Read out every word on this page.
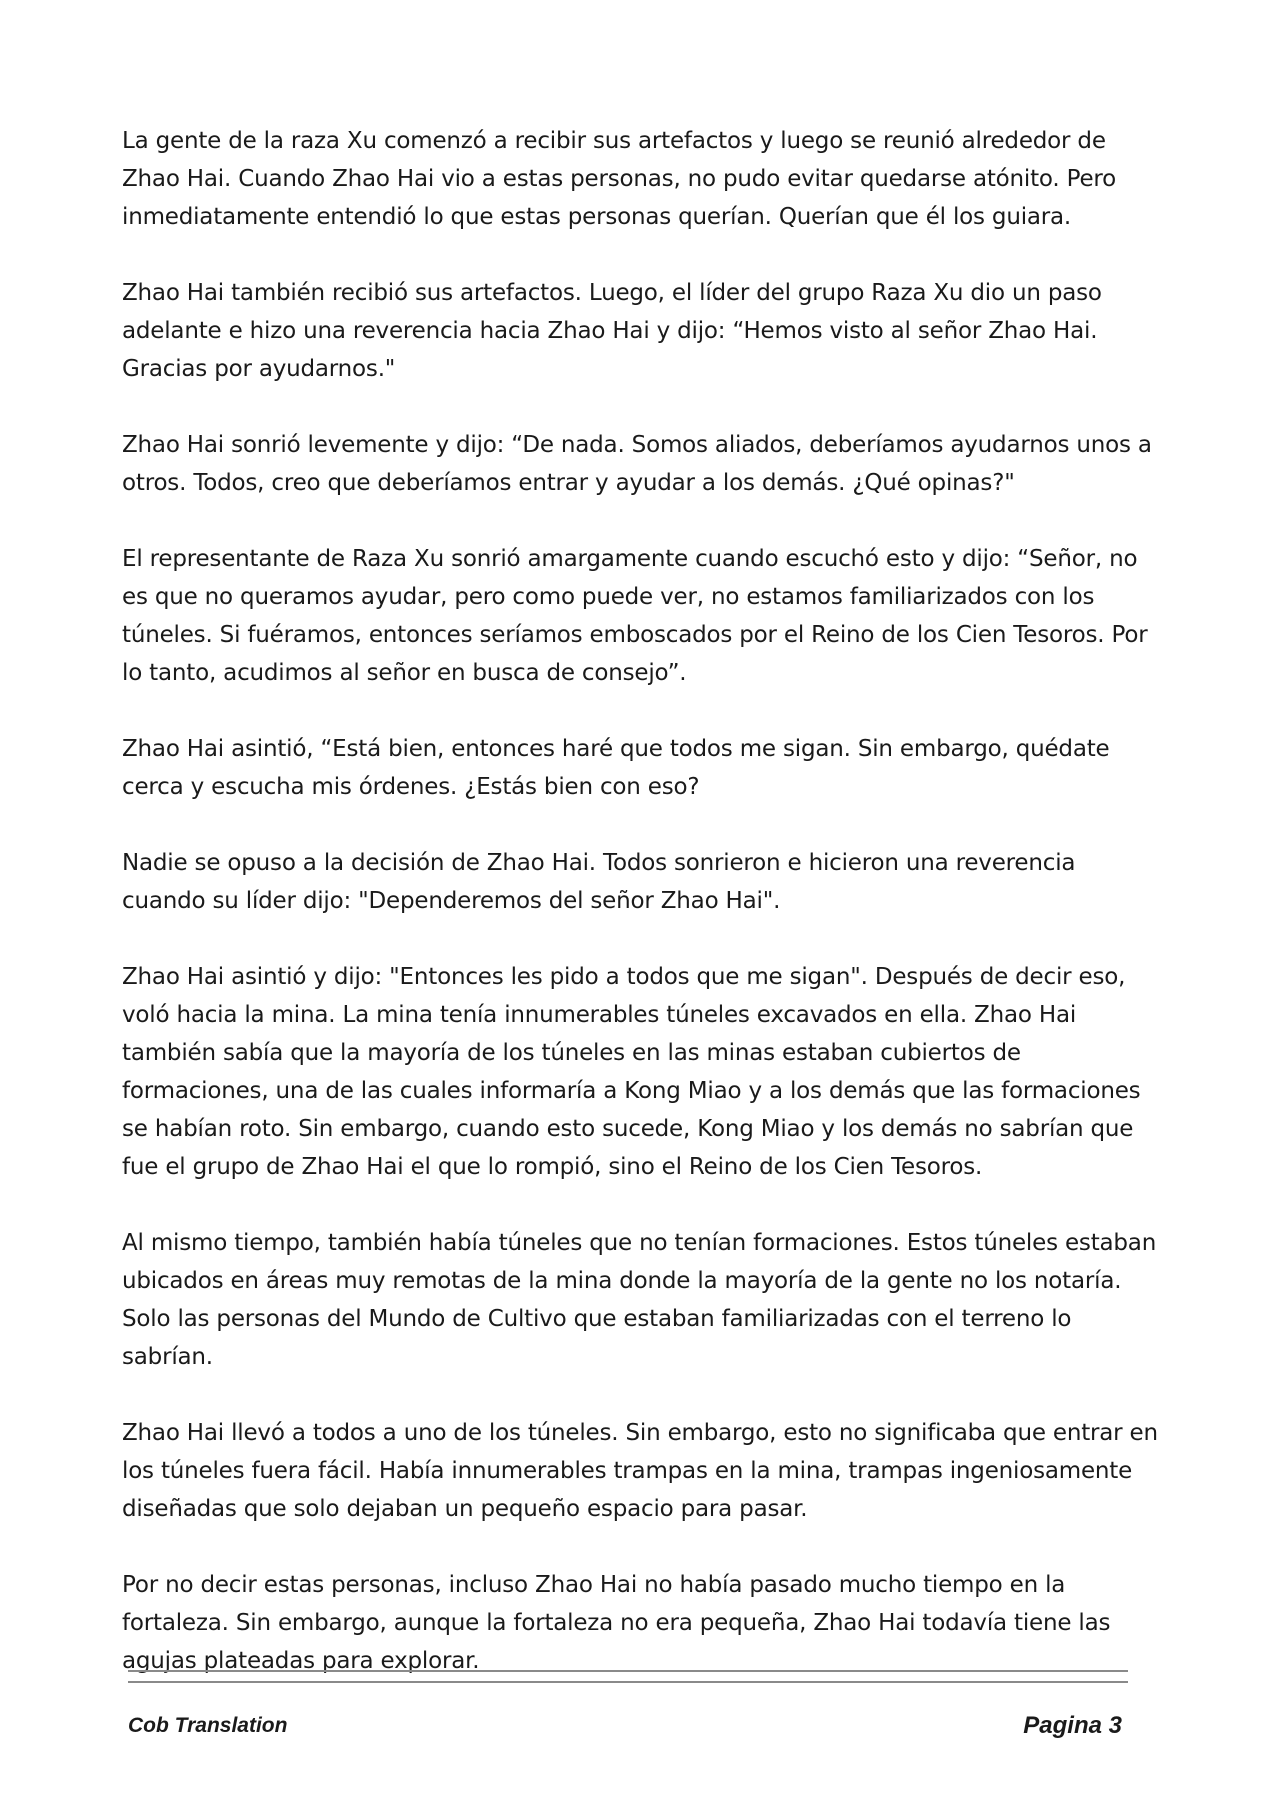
La gente de la raza Xu comenzó a recibir sus artefactos y luego se reunió alrededor de Zhao Hai. Cuando Zhao Hai vio a estas personas, no pudo evitar quedarse atónito. Pero inmediatamente entendió lo que estas personas querían. Querían que él los guiara.

Zhao Hai también recibió sus artefactos. Luego, el líder del grupo Raza Xu dio un paso adelante e hizo una reverencia hacia Zhao Hai y dijo: “Hemos visto al señor Zhao Hai. Gracias por ayudarnos."

Zhao Hai sonrió levemente y dijo: “De nada. Somos aliados, deberíamos ayudarnos unos a otros. Todos, creo que deberíamos entrar y ayudar a los demás. ¿Qué opinas?"

El representante de Raza Xu sonrió amargamente cuando escuchó esto y dijo: “Señor, no es que no queramos ayudar, pero como puede ver, no estamos familiarizados con los túneles. Si fuéramos, entonces seríamos emboscados por el Reino de los Cien Tesoros. Por lo tanto, acudimos al señor en busca de consejo”.

Zhao Hai asintió, “Está bien, entonces haré que todos me sigan. Sin embargo, quédate cerca y escucha mis órdenes. ¿Estás bien con eso?

Nadie se opuso a la decisión de Zhao Hai. Todos sonrieron e hicieron una reverencia cuando su líder dijo: "Dependeremos del señor Zhao Hai".

Zhao Hai asintió y dijo: "Entonces les pido a todos que me sigan". Después de decir eso, voló hacia la mina. La mina tenía innumerables túneles excavados en ella. Zhao Hai también sabía que la mayoría de los túneles en las minas estaban cubiertos de formaciones, una de las cuales informaría a Kong Miao y a los demás que las formaciones se habían roto. Sin embargo, cuando esto sucede, Kong Miao y los demás no sabrían que fue el grupo de Zhao Hai el que lo rompió, sino el Reino de los Cien Tesoros.

Al mismo tiempo, también había túneles que no tenían formaciones. Estos túneles estaban ubicados en áreas muy remotas de la mina donde la mayoría de la gente no los notaría. Solo las personas del Mundo de Cultivo que estaban familiarizadas con el terreno lo sabrían.

Zhao Hai llevó a todos a uno de los túneles. Sin embargo, esto no significaba que entrar en los túneles fuera fácil. Había innumerables trampas en la mina, trampas ingeniosamente diseñadas que solo dejaban un pequeño espacio para pasar.

Por no decir estas personas, incluso Zhao Hai no había pasado mucho tiempo en la fortaleza. Sin embargo, aunque la fortaleza no era pequeña, Zhao Hai todavía tiene las agujas plateadas para explorar.

Cob Translation	Pagina 3
